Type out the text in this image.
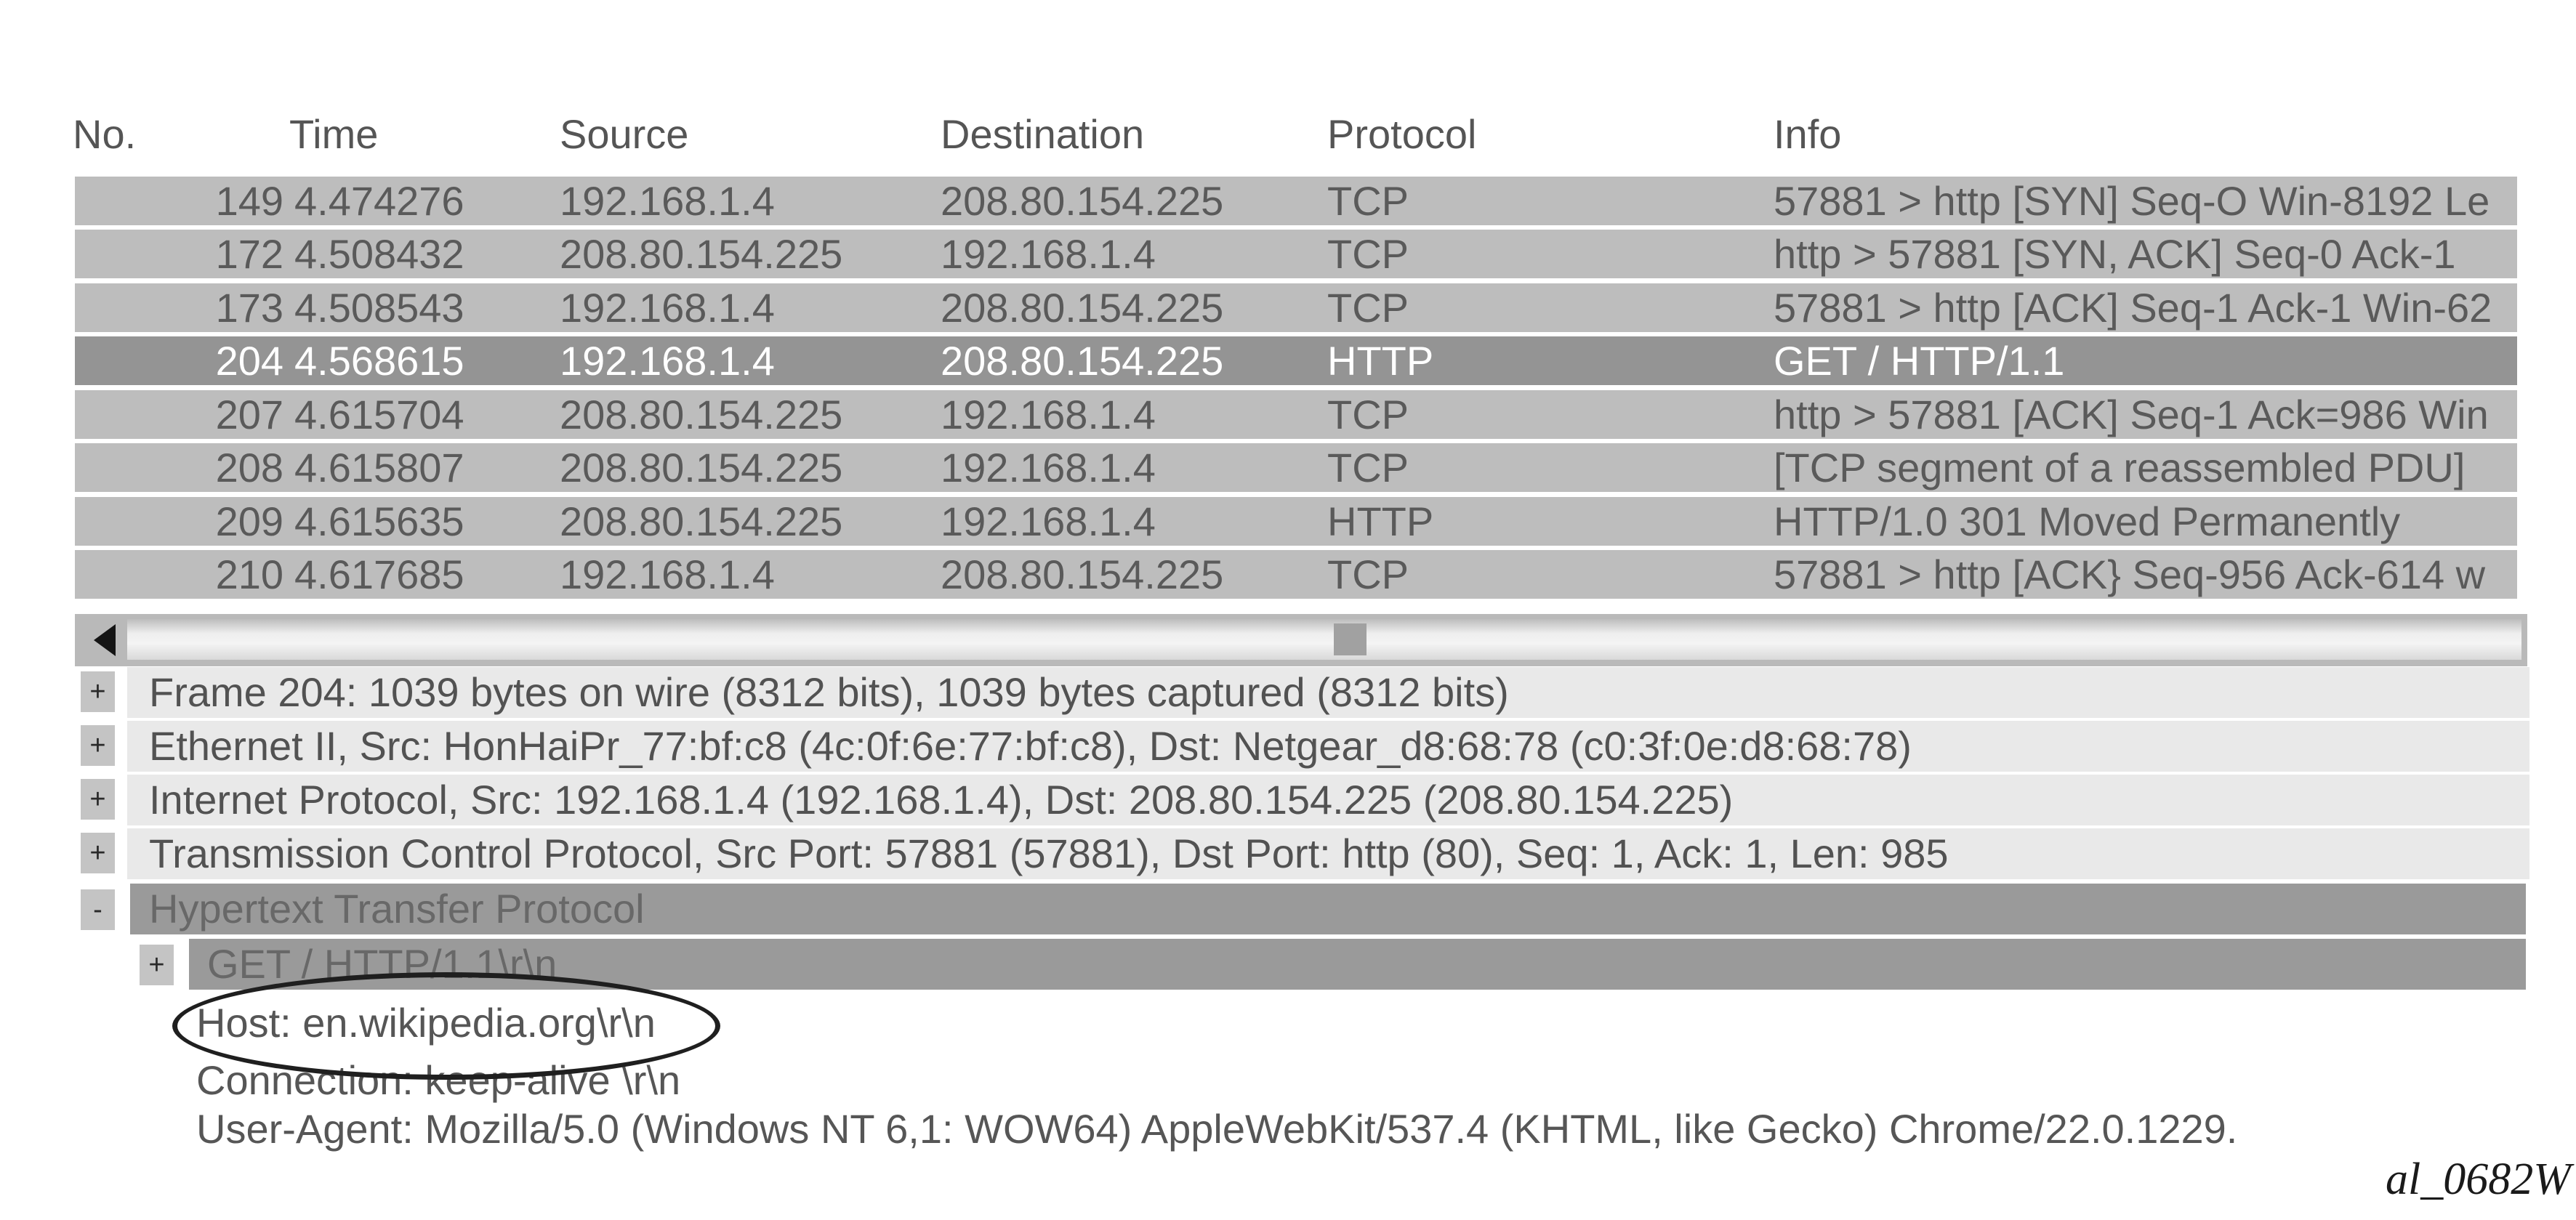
No.	Time	Source	Destination	Protocol	Info
149 4.474276 192.168.1.4	208.80.154.225	TCP	57881 > http [SYN] Seq-O Win-8192 Le
172 4.508432 208.80.154.225 192.168.1.4	TCP	http > 57881 [SYN, ACK] Seq-0 Ack-1
173 4.508543 192.168.1.4	208.80.154.225	TCP	57881 > http [ACK] Seq-1 Ack-1 Win-62
204 4.568615 192.168.1.4	208.80.154.225	HTTP	GET / HTTP/1.1
207 4.615704 208.80.154.225 192.168.1.4	TCP	http > 57881 [ACK] Seq-1 Ack=986 Win
208 4.615807 208.80.154.225 192.168.1.4	TCP	[TCP segment of a reassembled PDU]
209 4.615635 208.80.154.225 192.168.1.4	HTTP	HTTP/1.0 301 Moved Permanently
210 4.617685 192.168.1.4	208.80.154.225	TCP	57881 > http [ACK} Seq-956 Ack-614 w
+
+
+
+
-
+
Frame 204: 1039 bytes on wire (8312 bits), 1039 bytes captured (8312 bits)
Ethernet II, Src: HonHaiPr_77:bf:c8 (4c:0f:6e:77:bf:c8), Dst: Netgear_d8:68:78 (c0:3f:0e:d8:68:78)
Internet Protocol, Src: 192.168.1.4 (192.168.1.4), Dst: 208.80.154.225 (208.80.154.225)
Transmission Control Protocol, Src Port: 57881 (57881), Dst Port: http (80), Seq: 1, Ack: 1, Len: 985
Hypertext Transfer Protocol
GET / HTTP/1.1\r\n
Host: en.wikipedia.org\r\n
Connection: keep-alive \r\n
User-Agent: Mozilla/5.0 (Windows NT 6,1: WOW64) AppleWebKit/537.4 (KHTML, like Gecko) Chrome/22.0.1229.
al_0682W
